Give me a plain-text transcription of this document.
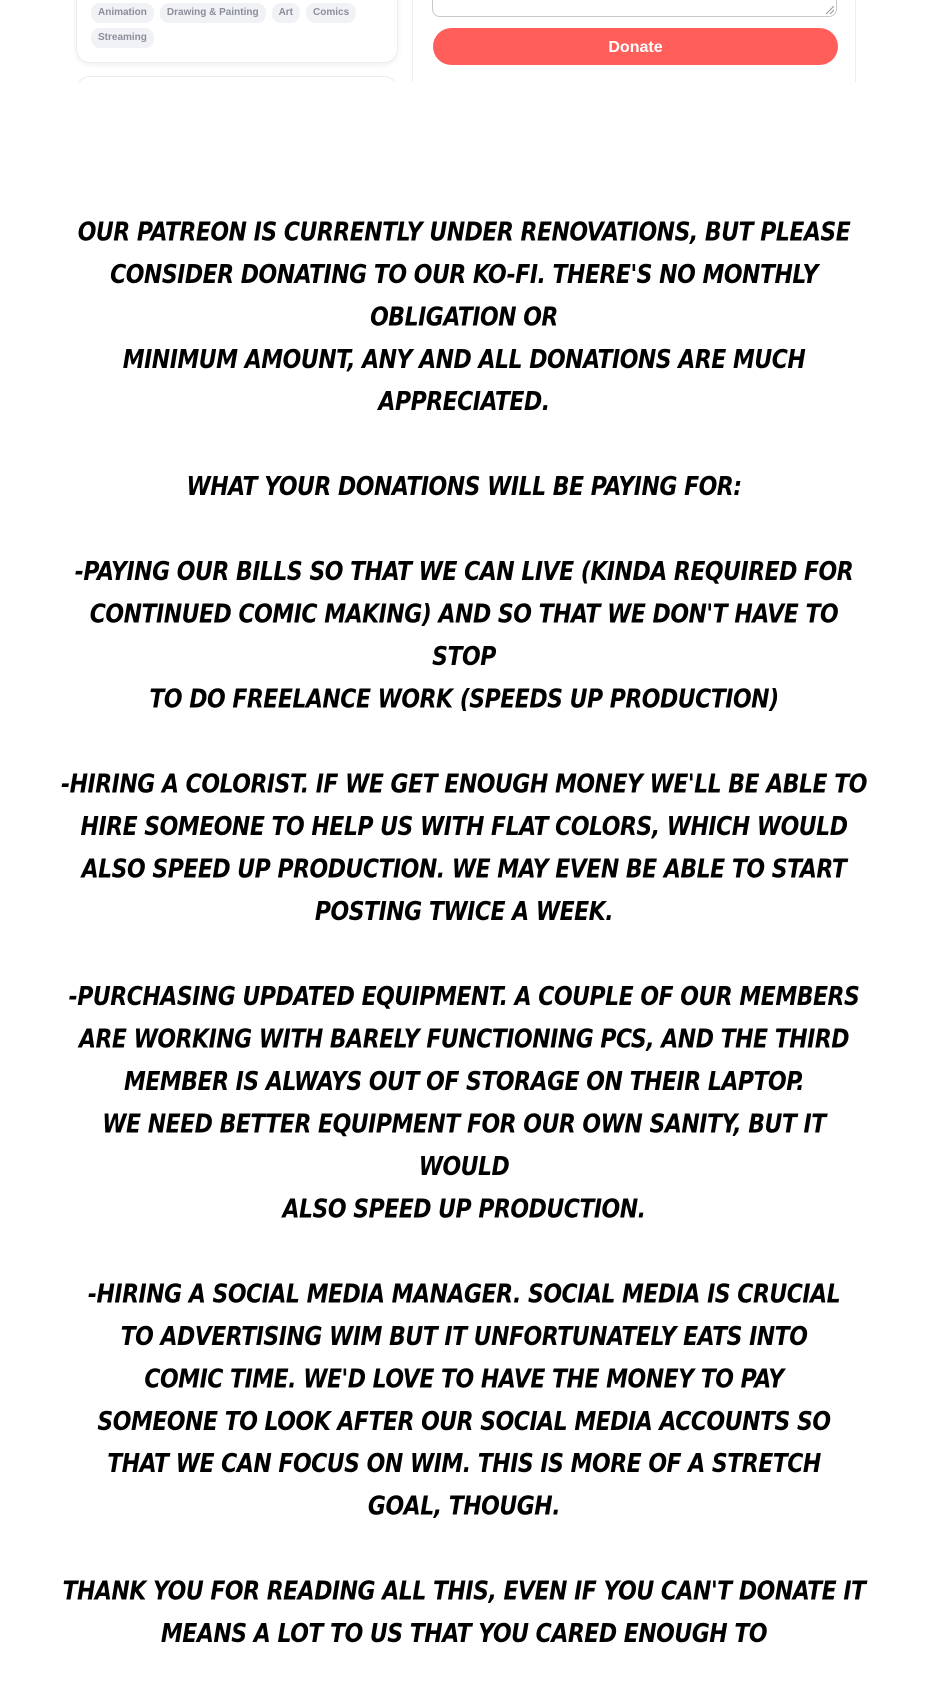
Animation	Drawing & Painting	Art	Comics
Streaming
Donate

OUR PATREON IS CURRENTLY UNDER RENOVATIONS, BUT PLEASE
CONSIDER DONATING TO OUR KO-FI. THERE'S NO MONTHLY OBLIGATION OR
MINIMUM AMOUNT, ANY AND ALL DONATIONS ARE MUCH APPRECIATED.

WHAT YOUR DONATIONS WILL BE PAYING FOR:

-PAYING OUR BILLS SO THAT WE CAN LIVE (KINDA REQUIRED FOR
CONTINUED COMIC MAKING) AND SO THAT WE DON'T HAVE TO STOP
TO DO FREELANCE WORK (SPEEDS UP PRODUCTION)

-HIRING A COLORIST. IF WE GET ENOUGH MONEY WE'LL BE ABLE TO
HIRE SOMEONE TO HELP US WITH FLAT COLORS, WHICH WOULD
ALSO SPEED UP PRODUCTION. WE MAY EVEN BE ABLE TO START
POSTING TWICE A WEEK.

-PURCHASING UPDATED EQUIPMENT. A COUPLE OF OUR MEMBERS
ARE WORKING WITH BARELY FUNCTIONING PCS, AND THE THIRD
MEMBER IS ALWAYS OUT OF STORAGE ON THEIR LAPTOP.
WE NEED BETTER EQUIPMENT FOR OUR OWN SANITY, BUT IT WOULD
ALSO SPEED UP PRODUCTION.

-HIRING A SOCIAL MEDIA MANAGER. SOCIAL MEDIA IS CRUCIAL
TO ADVERTISING WIM BUT IT UNFORTUNATELY EATS INTO
COMIC TIME. WE'D LOVE TO HAVE THE MONEY TO PAY
SOMEONE TO LOOK AFTER OUR SOCIAL MEDIA ACCOUNTS SO
THAT WE CAN FOCUS ON WIM. THIS IS MORE OF A STRETCH
GOAL, THOUGH.

THANK YOU FOR READING ALL THIS, EVEN IF YOU CAN'T DONATE IT
MEANS A LOT TO US THAT YOU CARED ENOUGH TO
